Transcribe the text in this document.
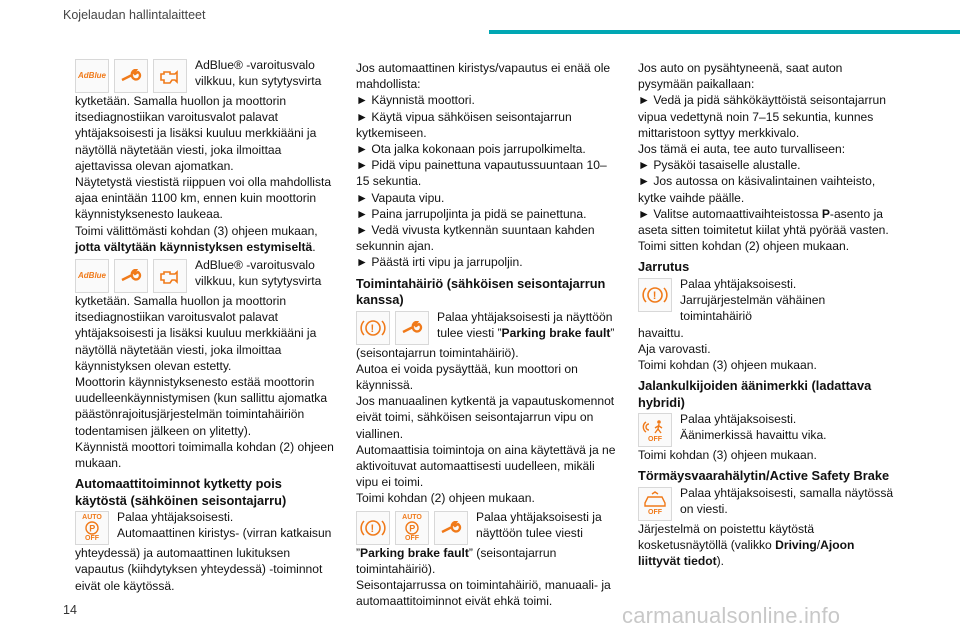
Kojelaudan hallintalaitteet
AdBlue

AdBlue® -varoitusvalo vilkkuu, kun sytytysvirta

kytketään. Samalla huollon ja moottorin itsediagnostiikan varoitusvalot palavat yhtäjaksoisesti ja lisäksi kuuluu merkkiääni ja näytöllä näytetään viesti, joka ilmoittaa ajettavissa olevan ajomatkan.

Näytetystä viestistä riippuen voi olla mahdollista ajaa enintään 1100 km, ennen kuin moottorin käynnistyksenesto laukeaa.

Toimi välittömästi kohdan (3) ohjeen mukaan, jotta vältytään käynnistyksen estymiseltä.

AdBlue

AdBlue® -varoitusvalo vilkkuu, kun sytytysvirta

kytketään. Samalla huollon ja moottorin itsediagnostiikan varoitusvalot palavat yhtäjaksoisesti ja lisäksi kuuluu merkkiääni ja näytöllä näytetään viesti, joka ilmoittaa käynnistyksen olevan estetty.

Moottorin käynnistyksenesto estää moottorin uudelleenkäynnistymisen (kun sallittu ajomatka päästönrajoitusjärjestelmän toimintahäiriön todentamisen jälkeen on ylitetty).

Käynnistä moottori toimimalla kohdan (2) ohjeen mukaan.

Automaattitoiminnot kytketty pois käytöstä (sähköinen seisontajarru)
AUTO
P
OFF

Palaa yhtäjaksoisesti.

Automaattinen kiristys- (virran katkaisun

yhteydessä) ja automaattinen lukituksen vapautus (kiihdytyksen yhteydessä) -toiminnot eivät ole käytössä.

Jos automaattinen kiristys/vapautus ei enää ole mahdollista:

► Käynnistä moottori.

► Käytä vipua sähköisen seisontajarrun kytkemiseen.

► Ota jalka kokonaan pois jarrupolkimelta.

► Pidä vipu painettuna vapautussuuntaan 10–15 sekuntia.

► Vapauta vipu.

► Paina jarrupoljinta ja pidä se painettuna.

► Vedä vivusta kytkennän suuntaan kahden sekunnin ajan.

► Päästä irti vipu ja jarrupoljin.

Toimintahäiriö (sähköisen seisontajarrun kanssa)
!

Palaa yhtäjaksoisesti ja näyttöön tulee viesti ”Parking brake fault”

(seisontajarrun toimintahäiriö).

Autoa ei voida pysäyttää, kun moottori on käynnissä.

Jos manuaalinen kytkentä ja vapautuskomennot eivät toimi, sähköisen seisontajarrun vipu on viallinen.

Automaattisia toimintoja on aina käytettävä ja ne aktivoituvat automaattisesti uudelleen, mikäli vipu ei toimi.

Toimi kohdan (2) ohjeen mukaan.

!
AUTO
P
OFF

Palaa yhtäjaksoisesti ja näyttöön tulee viesti

”Parking brake fault” (seisontajarrun toimintahäiriö).

Seisontajarrussa on toimintahäiriö, manuaali- ja automaattitoiminnot eivät ehkä toimi.

Jos auto on pysähtyneenä, saat auton pysymään paikallaan:

► Vedä ja pidä sähkökäyttöistä seisontajarrun vipua vedettynä noin 7–15 sekuntia, kunnes mittaristoon syttyy merkkivalo.

Jos tämä ei auta, tee auto turvalliseen:

► Pysäköi tasaiselle alustalle.

► Jos autossa on käsivalintainen vaihteisto, kytke vaihde päälle.

► Valitse automaattivaihteistossa P-asento ja aseta sitten toimitetut kiilat yhtä pyörää vasten.

Toimi sitten kohdan (2) ohjeen mukaan.

Jarrutus
!

Palaa yhtäjaksoisesti.

Jarrujärjestelmän vähäinen toimintahäiriö

havaittu.

Aja varovasti.

Toimi kohdan (3) ohjeen mukaan.

Jalankulkijoiden äänimerkki (ladattava hybridi)
OFF

Palaa yhtäjaksoisesti.

Äänimerkissä havaittu vika.

Toimi kohdan (3) ohjeen mukaan.

Törmäysvaarahälytin/Active Safety Brake
OFF

Palaa yhtäjaksoisesti, samalla näytössä on viesti.

Järjestelmä on poistettu käytöstä kosketusnäytöllä (valikko Driving/Ajoon liittyvät tiedot).

14	carmanualsonline.info
